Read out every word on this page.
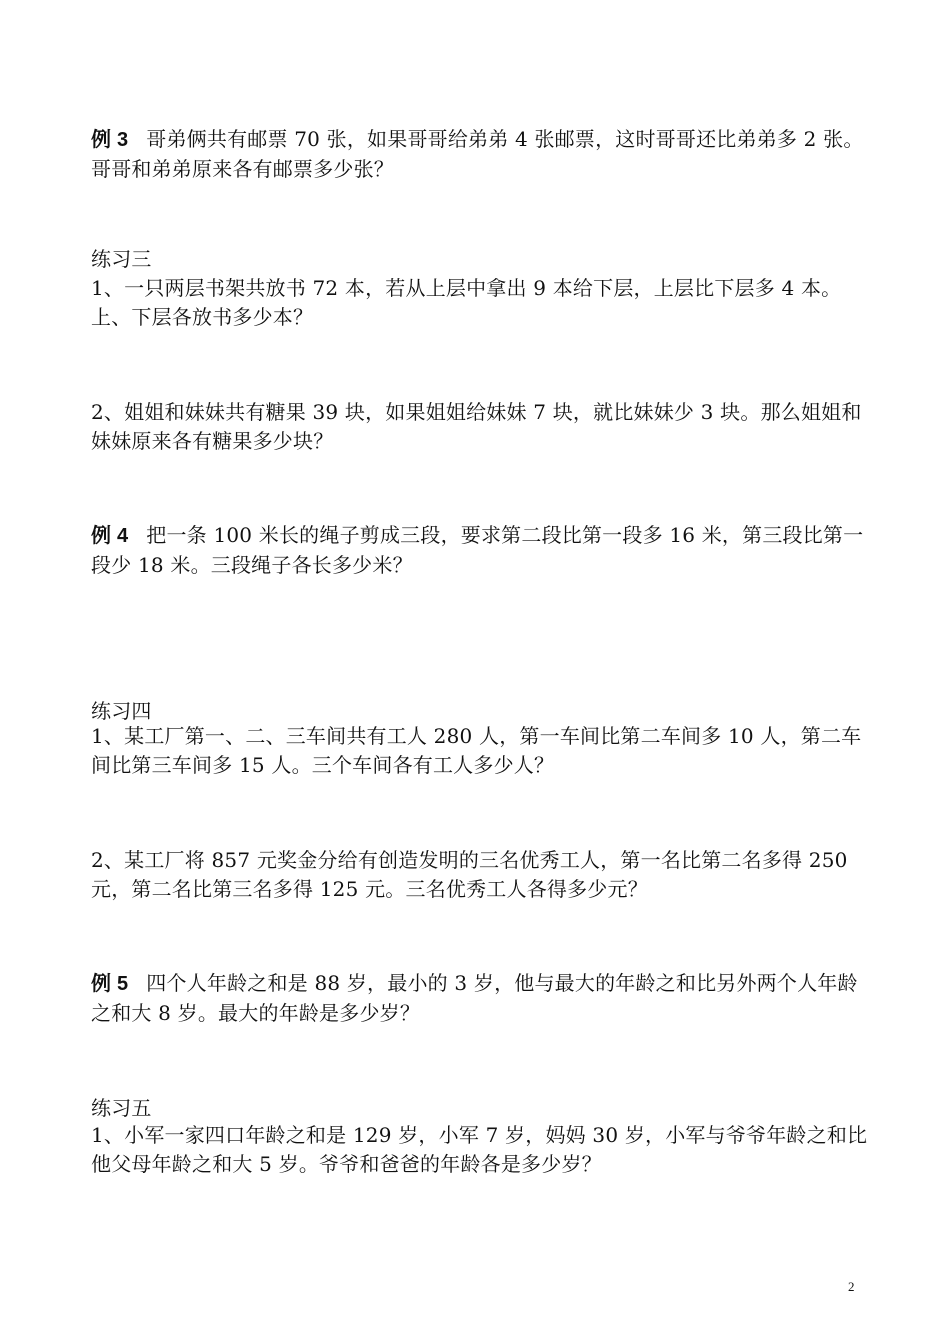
例 3 哥弟俩共有邮票 70 张，如果哥哥给弟弟 4 张邮票，这时哥哥还比弟弟多 2 张。哥哥和弟弟原来各有邮票多少张？
练习三
1、一只两层书架共放书 72 本，若从上层中拿出 9 本给下层，上层比下层多 4 本。上、下层各放书多少本？
2、姐姐和妹妹共有糖果 39 块，如果姐姐给妹妹 7 块，就比妹妹少 3 块。那么姐姐和妹妹原来各有糖果多少块？
例 4 把一条 100 米长的绳子剪成三段，要求第二段比第一段多 16 米，第三段比第一段少 18 米。三段绳子各长多少米？
练习四
1、某工厂第一、二、三车间共有工人 280 人，第一车间比第二车间多 10 人，第二车间比第三车间多 15 人。三个车间各有工人多少人？
2、某工厂将 857 元奖金分给有创造发明的三名优秀工人，第一名比第二名多得 250 元，第二名比第三名多得 125 元。三名优秀工人各得多少元？
例 5 四个人年龄之和是 88 岁，最小的 3 岁，他与最大的年龄之和比另外两个人年龄之和大 8 岁。最大的年龄是多少岁？
练习五
1、小军一家四口年龄之和是 129 岁，小军 7 岁，妈妈 30 岁，小军与爷爷年龄之和比他父母年龄之和大 5 岁。爷爷和爸爸的年龄各是多少岁？
2
